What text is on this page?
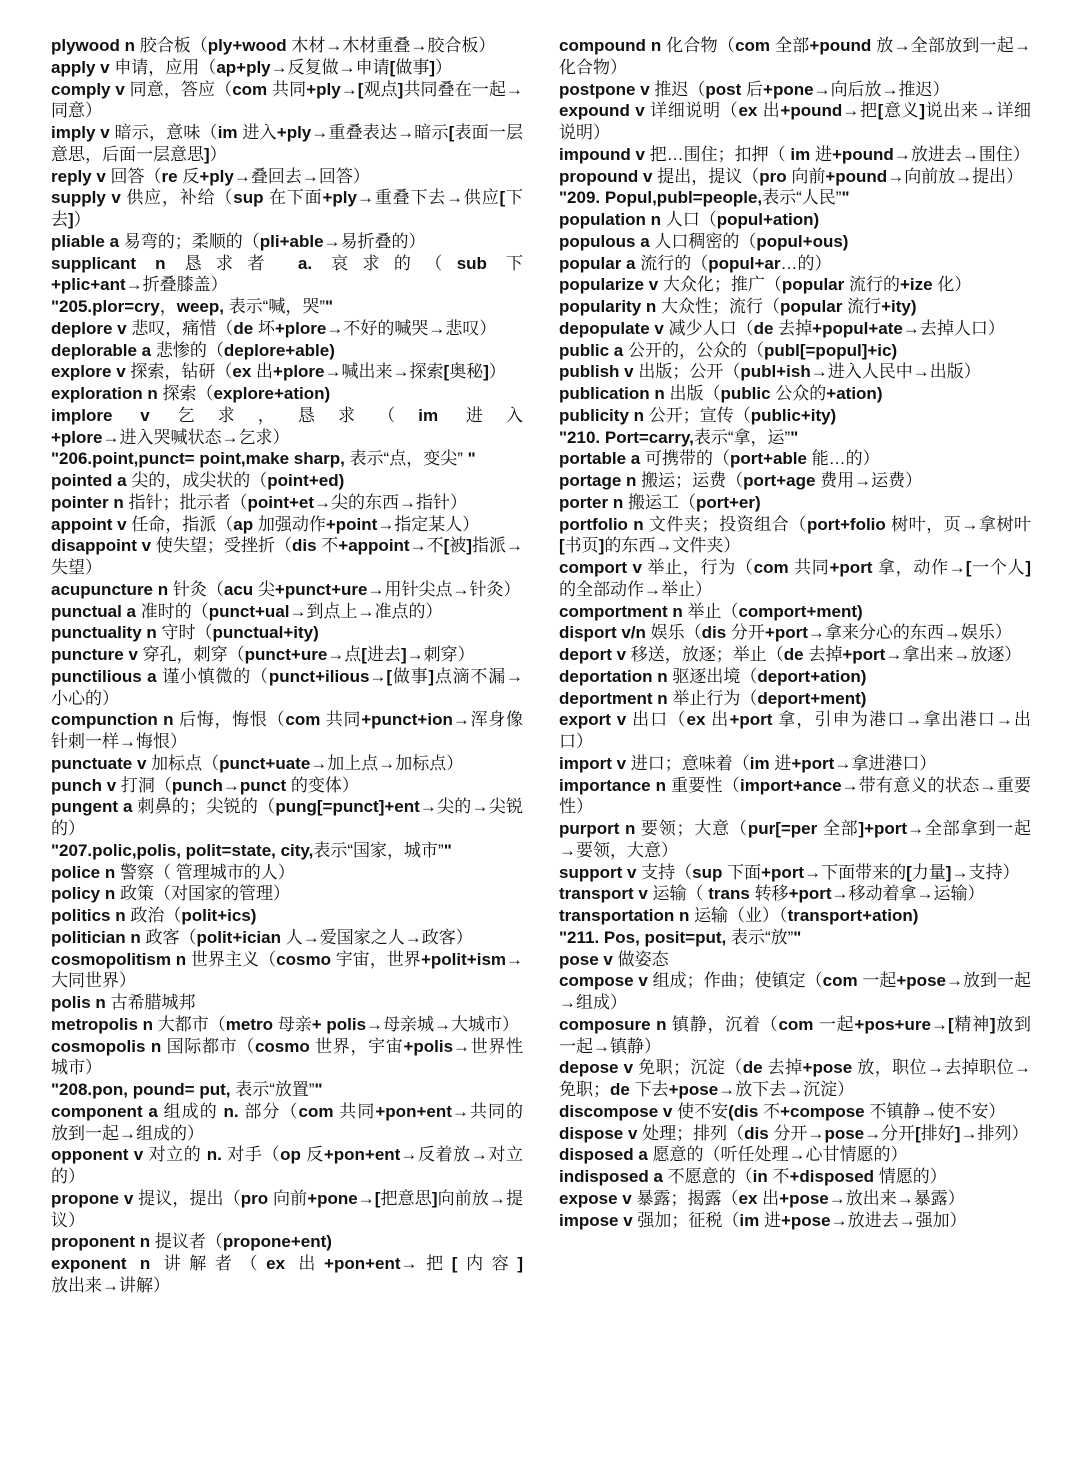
plywood n 胶合板（ply+wood 木材→木材重叠→胶合板）

apply v 申请，应用（ap+ply→反复做→申请[做事]）

comply v 同意，答应（com 共同+ply→[观点]共同叠在一起→同意）

imply v 暗示，意味（im 进入+ply→重叠表达→暗示[表面一层意思，后面一层意思]）

reply v 回答（re 反+ply→叠回去→回答）

supply v 供应，补给（sup 在下面+ply→重叠下去→供应[下去]）

pliable a 易弯的；柔顺的（pli+able→易折叠的）

supplicant n 恳求者 a. 哀求的（sub 下+plic+ant→折叠膝盖）

"205.plor=cry，weep, 表示“喊，哭”"

deplore v 悲叹，痛惜（de 坏+plore→不好的喊哭→悲叹）

deplorable a 悲惨的（deplore+able)

explore v 探索，钻研（ex 出+plore→喊出来→探索[奥秘]）

exploration n 探索（explore+ation)

implore v 乞求，恳求（im 进入+plore→进入哭喊状态→乞求）

"206.point,punct= point,make sharp, 表示“点，变尖” "

pointed a 尖的，成尖状的（point+ed)

pointer n 指针；批示者（point+et→尖的东西→指针）

appoint v 任命，指派（ap 加强动作+point→指定某人）

disappoint v 使失望；受挫折（dis 不+appoint→不[被]指派→失望）

acupuncture n 针灸（acu 尖+punct+ure→用针尖点→针灸）

punctual a 准时的（punct+ual→到点上→准点的）

punctuality n 守时（punctual+ity)

puncture v 穿孔，刺穿（punct+ure→点[进去]→刺穿）

punctilious a 谨小慎微的（punct+ilious→[做事]点滴不漏→小心的）

compunction n 后悔，悔恨（com 共同+punct+ion→浑身像针刺一样→悔恨）

punctuate v 加标点（punct+uate→加上点→加标点）

punch v 打洞（punch→punct 的变体）

pungent a 刺鼻的；尖锐的（pung[=punct]+ent→尖的→尖锐的）

"207.polic,polis, polit=state, city,表示“国家，城市”"

police n 警察（ 管理城市的人）

policy n 政策（对国家的管理）

politics n 政治（polit+ics)

politician n 政客（polit+ician 人→爱国家之人→政客）

cosmopolitism n 世界主义（cosmo 宇宙，世界+polit+ism→大同世界）

polis n 古希腊城邦

metropolis n 大都市（metro 母亲+ polis→母亲城→大城市）

cosmopolis n 国际都市（cosmo 世界，宇宙+polis→世界性城市）

"208.pon, pound= put, 表示“放置”"

component a 组成的 n. 部分（com 共同+pon+ent→共同的放到一起→组成的）

opponent v 对立的 n. 对手（op 反+pon+ent→反着放→对立的）

propone v 提议，提出（pro 向前+pone→[把意思]向前放→提议）

proponent n 提议者（propone+ent)

exponent n 讲解者（ex 出+pon+ent→把[内容]放出来→讲解）

compound n 化合物（com 全部+pound 放→全部放到一起→化合物）

postpone v 推迟（post 后+pone→向后放→推迟）

expound v 详细说明（ex 出+pound→把[意义]说出来→详细说明）

impound v 把…围住；扣押（ im 进+pound→放进去→围住）

propound v 提出，提议（pro 向前+pound→向前放→提出）

"209. Popul,publ=people,表示“人民”"

population n 人口（popul+ation)

populous a 人口稠密的（popul+ous)

popular a 流行的（popul+ar…的）

popularize v 大众化；推广（popular 流行的+ize 化）

popularity n 大众性；流行（popular 流行+ity)

depopulate v 减少人口（de 去掉+popul+ate→去掉人口）

public a 公开的，公众的（publ[=popul]+ic)

publish v 出版；公开（publ+ish→进入人民中→出版）

publication n 出版（public 公众的+ation)

publicity n 公开；宣传（public+ity)

"210. Port=carry,表示“拿，运”"

portable a 可携带的（port+able 能…的）

portage n 搬运；运费（port+age 费用→运费）

porter n 搬运工（port+er)

portfolio n 文件夹；投资组合（port+folio 树叶，页→拿树叶[书页]的东西→文件夹）

comport v 举止，行为（com 共同+port 拿，动作→[一个人]的全部动作→举止）

comportment n 举止（comport+ment)

disport v/n 娱乐（dis 分开+port→拿来分心的东西→娱乐）

deport v 移送，放逐；举止（de 去掉+port→拿出来→放逐）

deportation n 驱逐出境（deport+ation)

deportment n 举止行为（deport+ment)

export v 出口（ex 出+port 拿，引申为港口→拿出港口→出口）

import v 进口；意味着（im 进+port→拿进港口）

importance n 重要性（import+ance→带有意义的状态→重要性）

purport n 要领；大意（pur[=per 全部]+port→全部拿到一起→要领，大意）

support v 支持（sup 下面+port→下面带来的[力量]→支持）

transport v 运输（ trans 转移+port→移动着拿→运输）

transportation n 运输（业）（transport+ation)

"211. Pos, posit=put, 表示“放”"

pose v 做姿态

compose v 组成；作曲；使镇定（com 一起+pose→放到一起→组成）

composure n 镇静，沉着（com 一起+pos+ure→[精神]放到一起→镇静）

depose v 免职；沉淀（de 去掉+pose 放，职位→去掉职位→免职；de 下去+pose→放下去→沉淀）

discompose v 使不安(dis 不+compose 不镇静→使不安）

dispose v 处理；排列（dis 分开→pose→分开[排好]→排列）

disposed a 愿意的（听任处理→心甘情愿的）

indisposed a 不愿意的（in 不+disposed 情愿的）

expose v 暴露；揭露（ex 出+pose→放出来→暴露）

impose v 强加；征税（im 进+pose→放进去→强加）
